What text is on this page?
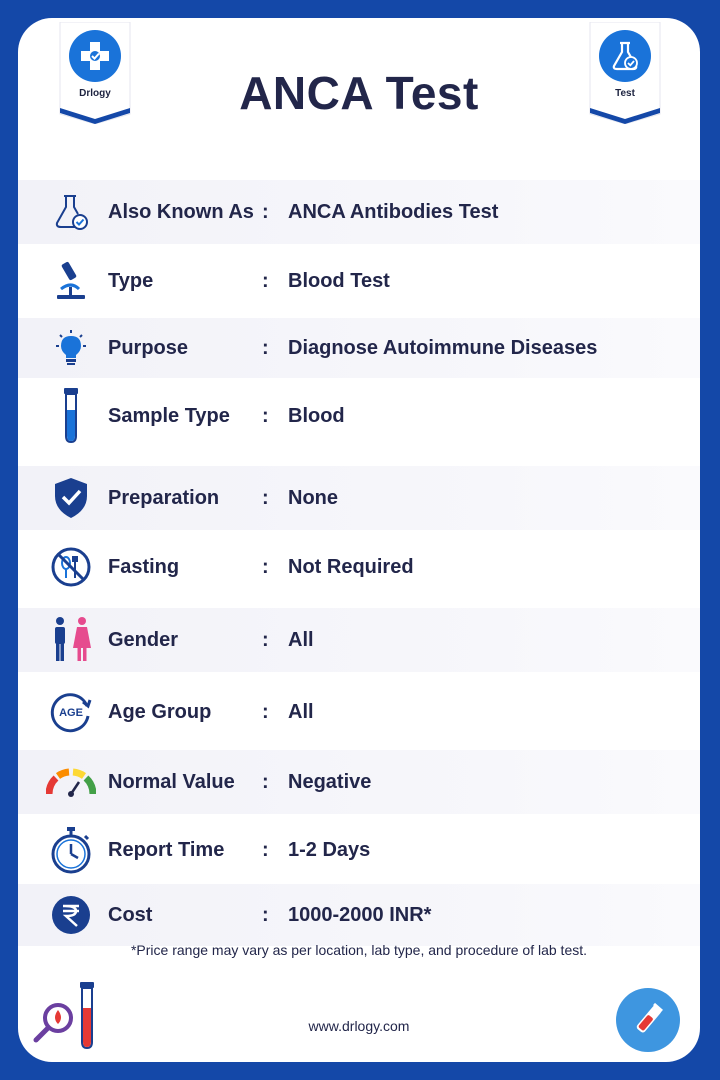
Drlogy	ANCA Test	Test
Also Known As : ANCA Antibodies Test
Type	: Blood Test
Purpose	: Diagnose Autoimmune Diseases
Sample Type : Blood
Preparation : None
Fasting	: Not Required
Gender	: All
AGE Age Group	: All
Normal Value : Negative
Report Time : 1-2 Days
Cost	: 1000-2000 INR*
*Price range may vary as per location, lab type, and procedure of lab test.
www.drlogy.com
